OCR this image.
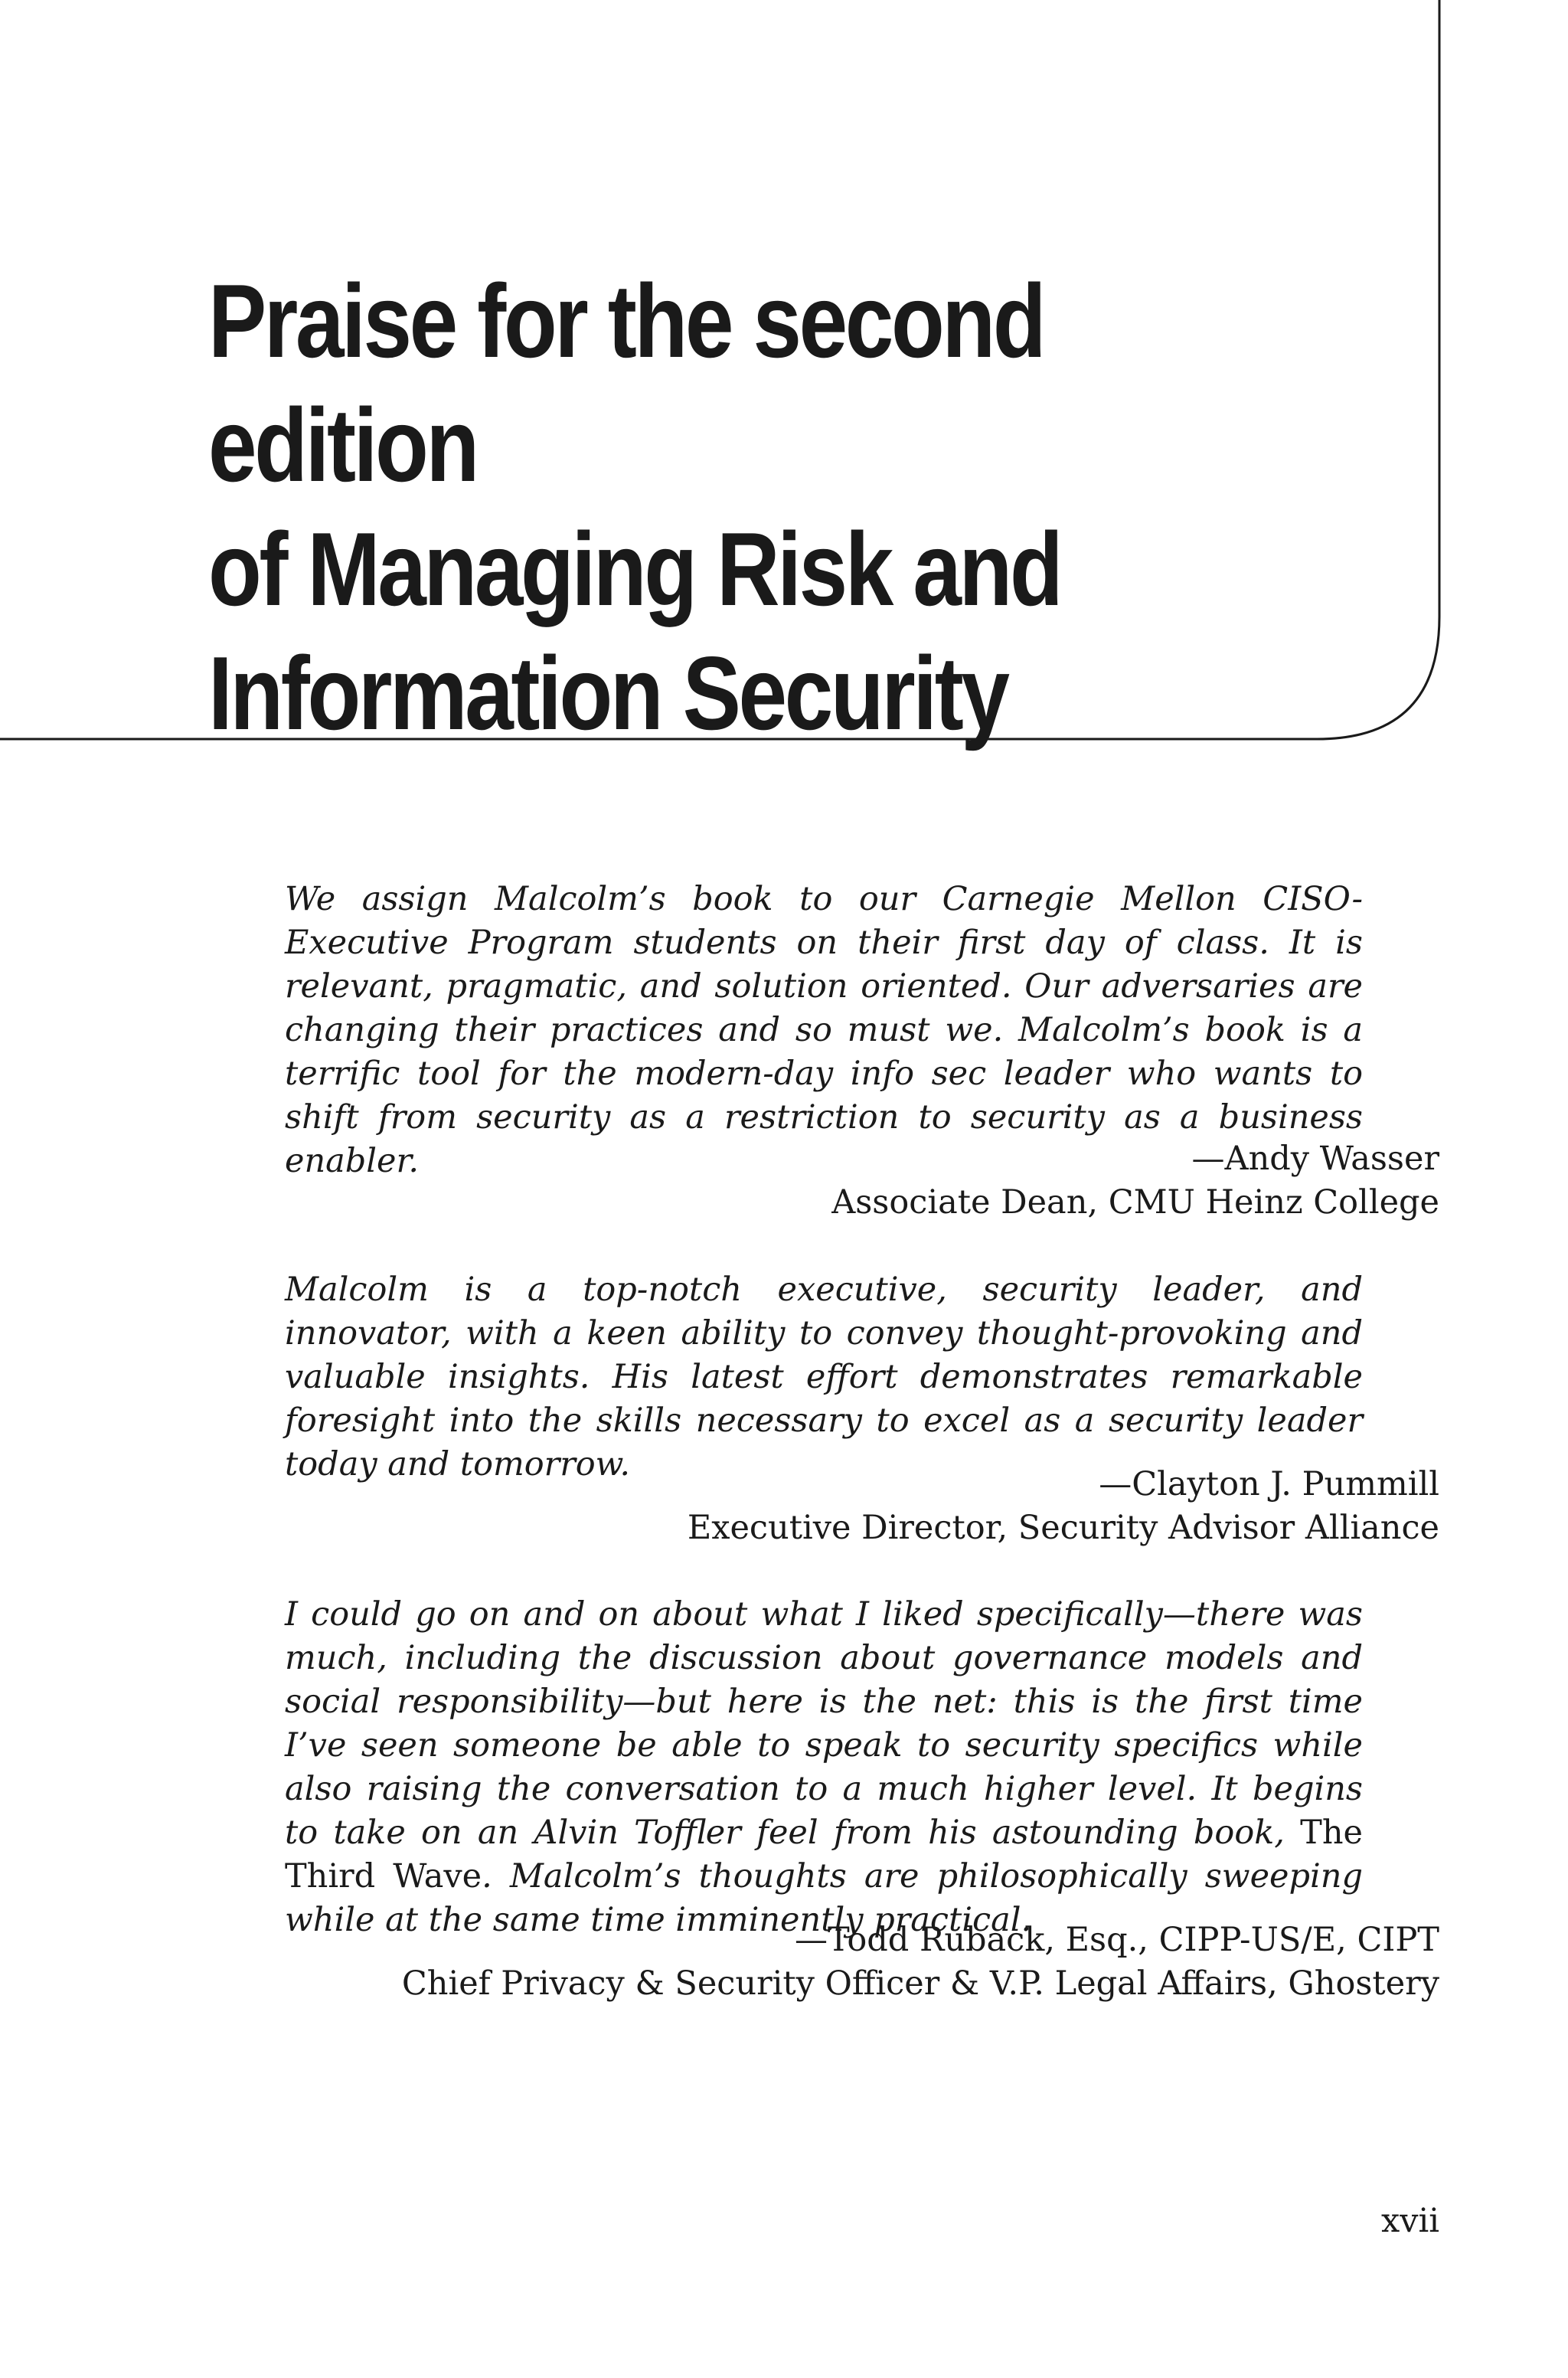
Praise for the second edition
of Managing Risk and
Information Security

We assign Malcolm’s book to our Carnegie Mellon CISO-Executive Program students on their first day of class. It is relevant, pragmatic, and solution oriented. Our adversaries are changing their practices and so must we. Malcolm’s book is a terrific tool for the modern-day info sec leader who wants to shift from security as a restriction to security as a business enabler.	—Andy Wasser
Associate Dean, CMU Heinz College

Malcolm is a top-notch executive, security leader, and innovator, with a keen ability to convey thought-provoking and valuable insights. His latest effort demonstrates remarkable foresight into the skills necessary to excel as a security leader today and tomorrow.

—Clayton J. Pummill
Executive Director, Security Advisor Alliance

I could go on and on about what I liked specifically—there was much, including the discussion about governance models and social responsibility—but here is the net: this is the first time I’ve seen someone be able to speak to security specifics while also raising the conversation to a much higher level. It begins to take on an Alvin Toffler feel from his astounding book, The Third Wave. Malcolm’s thoughts are philosophically sweeping while at the same time imminently practical.

—Todd Ruback, Esq., CIPP-US/E, CIPT
Chief Privacy & Security Officer & V.P. Legal Affairs, Ghostery

xvii
